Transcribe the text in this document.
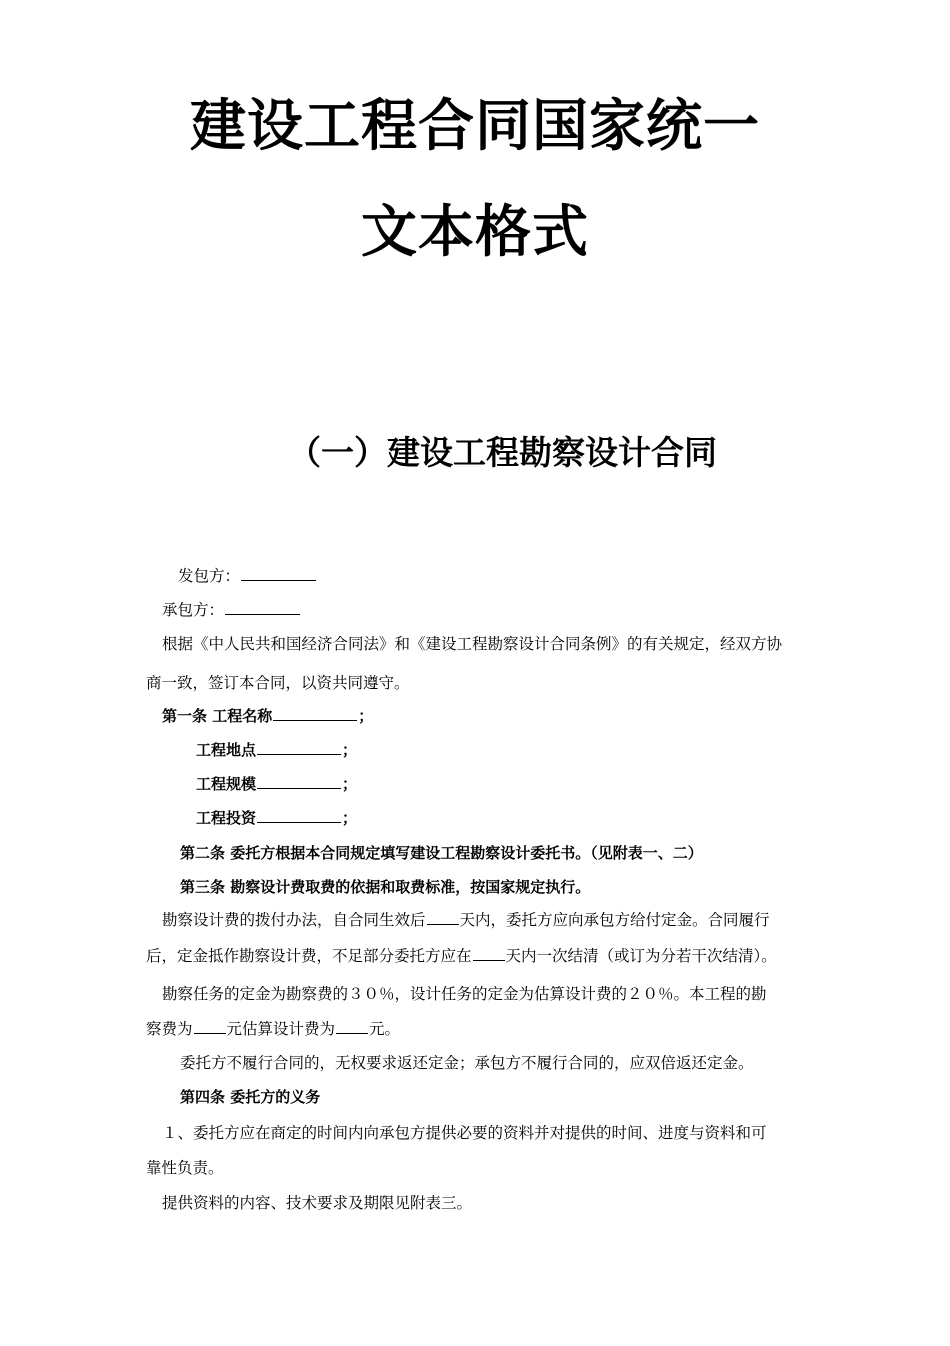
建设工程合同国家统一
文本格式
（一）建设工程勘察设计合同
发包方：
承包方：
根据《中人民共和国经济合同法》和《建设工程勘察设计合同条例》的有关规定，经双方协
商一致，签订本合同，以资共同遵守。
第一条 工程名称	；
工程地点	；
工程规模	；
工程投资	；
第二条 委托方根据本合同规定填写建设工程勘察设计委托书。（见附表一、二）
第三条 勘察设计费取费的依据和取费标准，按国家规定执行。
勘察设计费的拨付办法，自合同生效后 天内，委托方应向承包方给付定金。合同履行
后，定金抵作勘察设计费，不足部分委托方应在 天内一次结清（或订为分若干次结清）。
勘察任务的定金为勘察费的３０％，设计任务的定金为估算设计费的２０％。本工程的勘
察费为 元估算设计费为 元。
委托方不履行合同的，无权要求返还定金；承包方不履行合同的，应双倍返还定金。
第四条 委托方的义务
１、委托方应在商定的时间内向承包方提供必要的资料并对提供的时间、进度与资料和可
靠性负责。
提供资料的内容、技术要求及期限见附表三。
